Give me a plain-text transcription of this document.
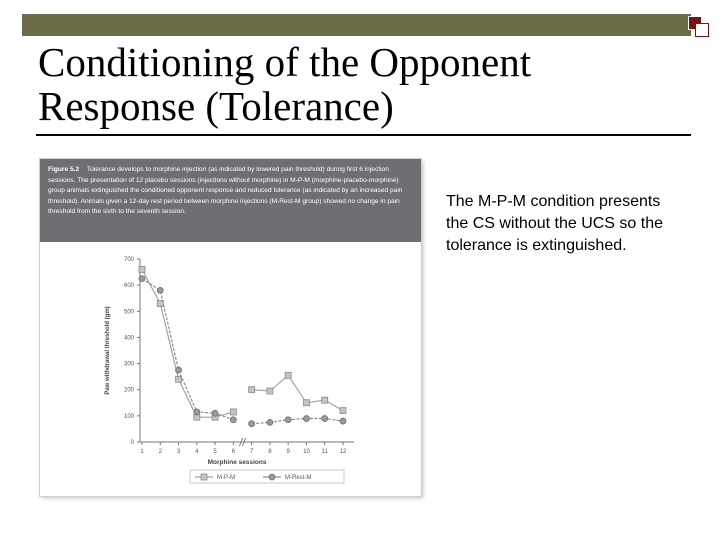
Conditioning of the Opponent Response (Tolerance)
Figure 5.2 Tolerance develops to morphine injection (as indicated by lowered pain threshold) during first 6 injection sessions. The presentation of 12 placebo sessions (injections without morphine) in M-P-M (morphine-placebo-morphine) group animals extinguished the conditioned opponent response and reduced tolerance (as indicated by an increased pain threshold). Animals given a 12-day rest period between morphine injections (M-Rest-M group) showed no change in pain threshold from the sixth to the seventh session.
0
100
200
300
400
500
600
700
1 2 3 4 5 6 7 8 9 10 11 12
Morphine sessions
Paw withdrawal threshold (gm)
M-P-M	M-Rest-M
The M-P-M condition presents the CS without the UCS so the tolerance is extinguished.
